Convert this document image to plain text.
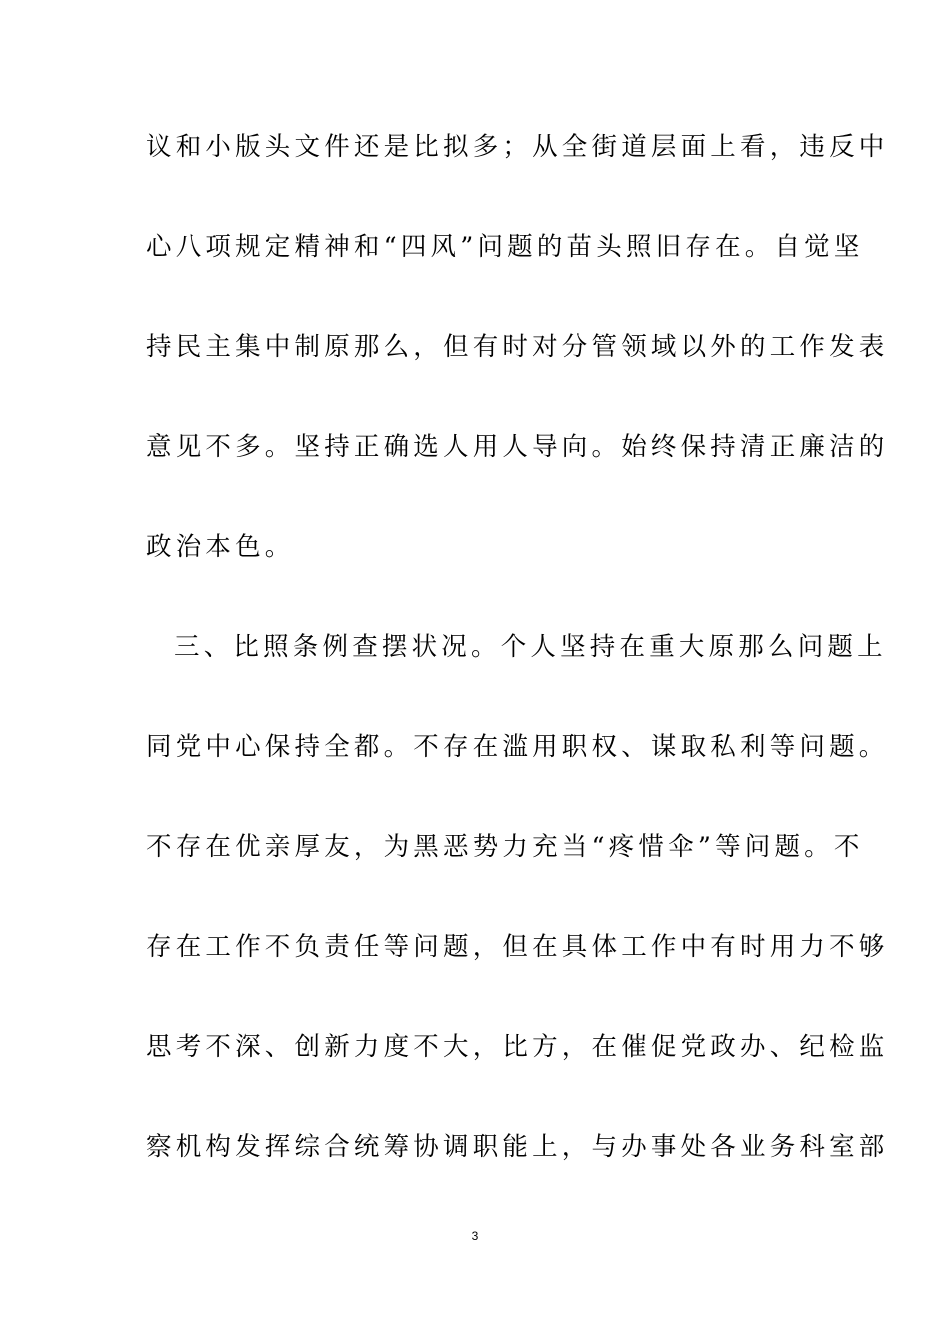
议和小版头文件还是比拟多；从全街道层面上看，违反中
心八项规定精神和“四风”问题的苗头照旧存在。自觉坚
持民主集中制原那么，但有时对分管领域以外的工作发表
意见不多。坚持正确选人用人导向。始终保持清正廉洁的
政治本色。
三、比照条例查摆状况。个人坚持在重大原那么问题上
同党中心保持全都。不存在滥用职权、谋取私利等问题。
不存在优亲厚友，为黑恶势力充当“疼惜伞”等问题。不
存在工作不负责任等问题，但在具体工作中有时用力不够
思考不深、创新力度不大，比方，在催促党政办、纪检监
察机构发挥综合统筹协调职能上，与办事处各业务科室部
3
